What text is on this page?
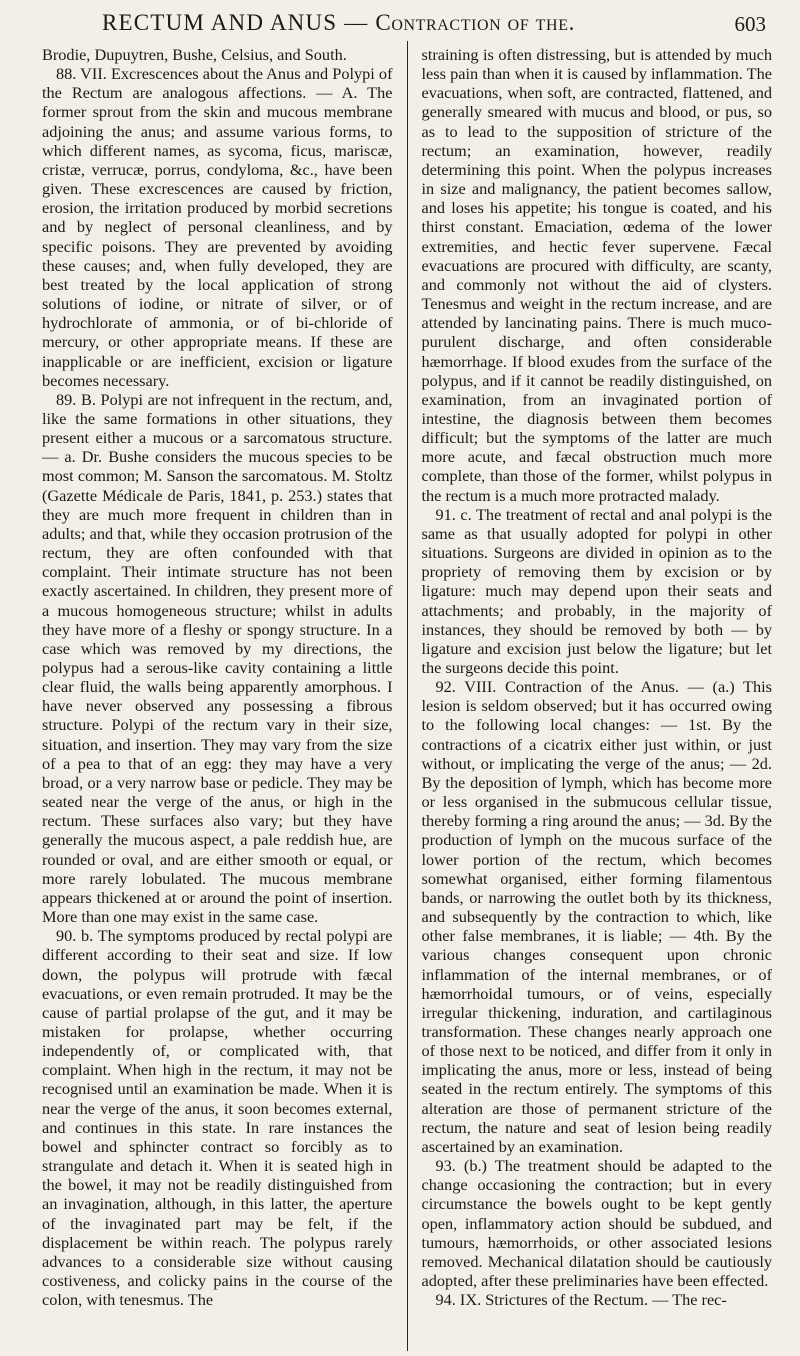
RECTUM AND ANUS — Contraction of the.	603

Brodie, Dupuytren, Bushe, Celsius, and South.

88. VII. Excrescences about the Anus and Polypi of the Rectum are analogous affections. — A. The former sprout from the skin and mucous membrane adjoining the anus; and assume various forms, to which different names, as sycoma, ficus, mariscæ, cristæ, verrucæ, porrus, condyloma, &c., have been given. These excrescences are caused by friction, erosion, the irritation produced by morbid secretions and by neglect of personal cleanliness, and by specific poisons. They are prevented by avoiding these causes; and, when fully developed, they are best treated by the local application of strong solutions of iodine, or nitrate of silver, or of hydrochlorate of ammonia, or of bi-chloride of mercury, or other appropriate means. If these are inapplicable or are inefficient, excision or ligature becomes necessary.

89. B. Polypi are not infrequent in the rectum, and, like the same formations in other situations, they present either a mucous or a sarcomatous structure. — a. Dr. Bushe considers the mucous species to be most common; M. Sanson the sarcomatous. M. Stoltz (Gazette Médicale de Paris, 1841, p. 253.) states that they are much more frequent in children than in adults; and that, while they occasion protrusion of the rectum, they are often confounded with that complaint. Their intimate structure has not been exactly ascertained. In children, they present more of a mucous homogeneous structure; whilst in adults they have more of a fleshy or spongy structure. In a case which was removed by my directions, the polypus had a serous-like cavity containing a little clear fluid, the walls being apparently amorphous. I have never observed any possessing a fibrous structure. Polypi of the rectum vary in their size, situation, and insertion. They may vary from the size of a pea to that of an egg: they may have a very broad, or a very narrow base or pedicle. They may be seated near the verge of the anus, or high in the rectum. These surfaces also vary; but they have generally the mucous aspect, a pale reddish hue, are rounded or oval, and are either smooth or equal, or more rarely lobulated. The mucous membrane appears thickened at or around the point of insertion. More than one may exist in the same case.

90. b. The symptoms produced by rectal polypi are different according to their seat and size. If low down, the polypus will protrude with fæcal evacuations, or even remain protruded. It may be the cause of partial prolapse of the gut, and it may be mistaken for prolapse, whether occurring independently of, or complicated with, that complaint. When high in the rectum, it may not be recognised until an examination be made. When it is near the verge of the anus, it soon becomes external, and continues in this state. In rare instances the bowel and sphincter contract so forcibly as to strangulate and detach it. When it is seated high in the bowel, it may not be readily distinguished from an invagination, although, in this latter, the aperture of the invaginated part may be felt, if the displacement be within reach. The polypus rarely advances to a considerable size without causing costiveness, and colicky pains in the course of the colon, with tenesmus. The

straining is often distressing, but is attended by much less pain than when it is caused by inflammation. The evacuations, when soft, are contracted, flattened, and generally smeared with mucus and blood, or pus, so as to lead to the supposition of stricture of the rectum; an examination, however, readily determining this point. When the polypus increases in size and malignancy, the patient becomes sallow, and loses his appetite; his tongue is coated, and his thirst constant. Emaciation, œdema of the lower extremities, and hectic fever supervene. Fæcal evacuations are procured with difficulty, are scanty, and commonly not without the aid of clysters. Tenesmus and weight in the rectum increase, and are attended by lancinating pains. There is much muco-purulent discharge, and often considerable hæmorrhage. If blood exudes from the surface of the polypus, and if it cannot be readily distinguished, on examination, from an invaginated portion of intestine, the diagnosis between them becomes difficult; but the symptoms of the latter are much more acute, and fæcal obstruction much more complete, than those of the former, whilst polypus in the rectum is a much more protracted malady.

91. c. The treatment of rectal and anal polypi is the same as that usually adopted for polypi in other situations. Surgeons are divided in opinion as to the propriety of removing them by excision or by ligature: much may depend upon their seats and attachments; and probably, in the majority of instances, they should be removed by both — by ligature and excision just below the ligature; but let the surgeons decide this point.

92. VIII. Contraction of the Anus. — (a.) This lesion is seldom observed; but it has occurred owing to the following local changes: — 1st. By the contractions of a cicatrix either just within, or just without, or implicating the verge of the anus; — 2d. By the deposition of lymph, which has become more or less organised in the submucous cellular tissue, thereby forming a ring around the anus; — 3d. By the production of lymph on the mucous surface of the lower portion of the rectum, which becomes somewhat organised, either forming filamentous bands, or narrowing the outlet both by its thickness, and subsequently by the contraction to which, like other false membranes, it is liable; — 4th. By the various changes consequent upon chronic inflammation of the internal membranes, or of hæmorrhoidal tumours, or of veins, especially irregular thickening, induration, and cartilaginous transformation. These changes nearly approach one of those next to be noticed, and differ from it only in implicating the anus, more or less, instead of being seated in the rectum entirely. The symptoms of this alteration are those of permanent stricture of the rectum, the nature and seat of lesion being readily ascertained by an examination.

93. (b.) The treatment should be adapted to the change occasioning the contraction; but in every circumstance the bowels ought to be kept gently open, inflammatory action should be subdued, and tumours, hæmorrhoids, or other associated lesions removed. Mechanical dilatation should be cautiously adopted, after these preliminaries have been effected.

94. IX. Strictures of the Rectum. — The rec-
